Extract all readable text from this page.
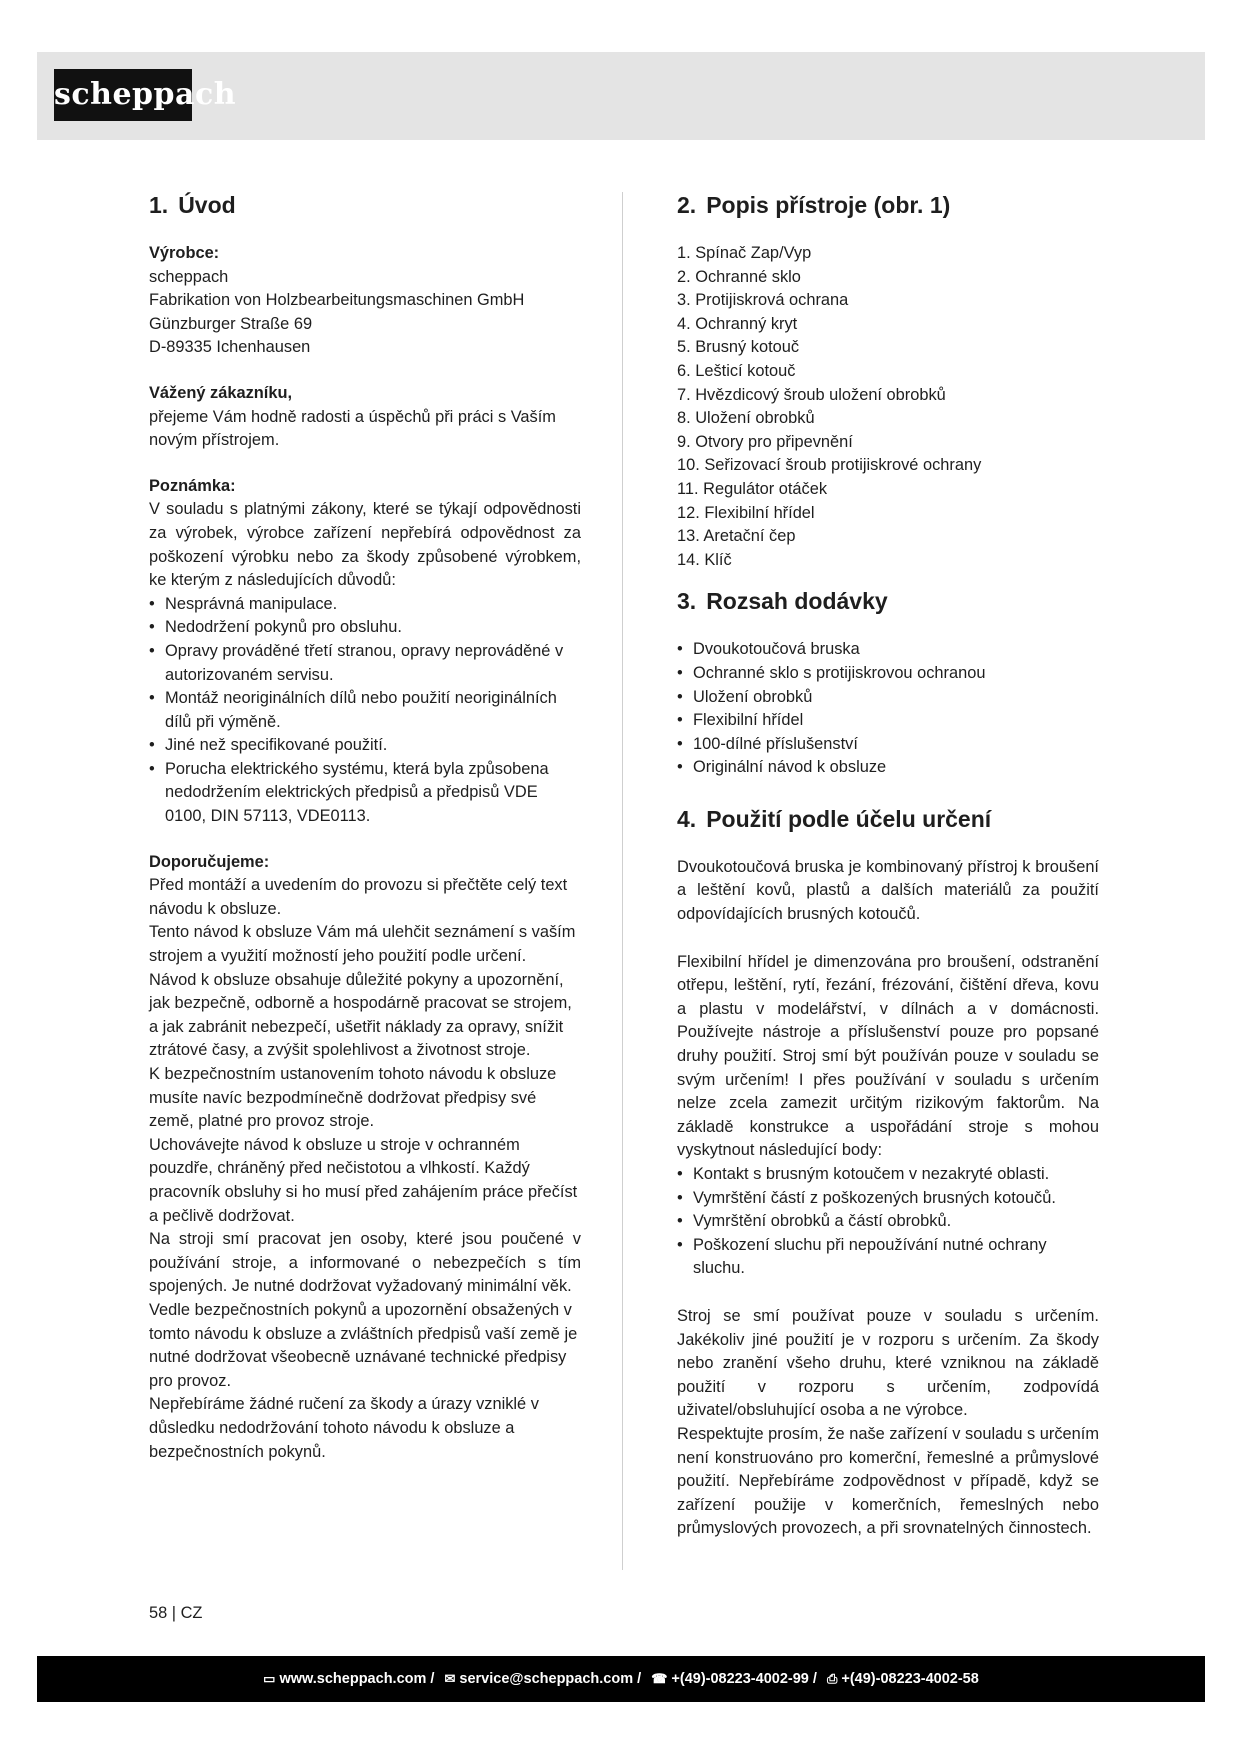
scheppach
1. Úvod
Výrobce:
scheppach
Fabrikation von Holzbearbeitungsmaschinen GmbH
Günzburger Straße 69
D-89335 Ichenhausen
Vážený zákazníku,

přejeme Vám hodně radosti a úspěchů při práci s Vaším novým přístrojem.

Poznámka:

V souladu s platnými zákony, které se týkají odpovědnosti za výrobek, výrobce zařízení nepřebírá odpovědnost za poškození výrobku nebo za škody způsobené výrobkem, ke kterým z následujících důvodů:

• Nesprávná manipulace.
• Nedodržení pokynů pro obsluhu.
• Opravy prováděné třetí stranou, opravy neprováděné v autorizovaném servisu.
• Montáž neoriginálních dílů nebo použití neoriginálních dílů při výměně.
• Jiné než specifikované použití.
• Porucha elektrického systému, která byla způsobena nedodržením elektrických předpisů a předpisů VDE 0100, DIN 57113, VDE0113.
Doporučujeme:

Před montáží a uvedením do provozu si přečtěte celý text návodu k obsluze.

Tento návod k obsluze Vám má ulehčit seznámení s vaším strojem a využití možností jeho použití podle určení.

Návod k obsluze obsahuje důležité pokyny a upozornění, jak bezpečně, odborně a hospodárně pracovat se strojem, a jak zabránit nebezpečí, ušetřit náklady za opravy, snížit ztrátové časy, a zvýšit spolehlivost a životnost stroje.

K bezpečnostním ustanovením tohoto návodu k obsluze musíte navíc bezpodmínečně dodržovat předpisy své země, platné pro provoz stroje.

Uchovávejte návod k obsluze u stroje v ochranném pouzdře, chráněný před nečistotou a vlhkostí. Každý pracovník obsluhy si ho musí před zahájením práce přečíst a pečlivě dodržovat.

Na stroji smí pracovat jen osoby, které jsou poučené v používání stroje, a informované o nebezpečích s tím spojených. Je nutné dodržovat vyžadovaný minimální věk.

Vedle bezpečnostních pokynů a upozornění obsažených v tomto návodu k obsluze a zvláštních předpisů vaší země je nutné dodržovat všeobecně uznávané technické předpisy pro provoz.

Nepřebíráme žádné ručení za škody a úrazy vzniklé v důsledku nedodržování tohoto návodu k obsluze a bezpečnostních pokynů.

2. Popis přístroje (obr. 1)
1. Spínač Zap/Vyp
2. Ochranné sklo
3. Protijiskrová ochrana
4. Ochranný kryt
5. Brusný kotouč
6. Lešticí kotouč
7. Hvězdicový šroub uložení obrobků
8. Uložení obrobků
9. Otvory pro připevnění
10. Seřizovací šroub protijiskrové ochrany
11. Regulátor otáček
12. Flexibilní hřídel
13. Aretační čep
14. Klíč
3. Rozsah dodávky
• Dvoukotoučová bruska
• Ochranné sklo s protijiskrovou ochranou
• Uložení obrobků
• Flexibilní hřídel
• 100-dílné příslušenství
• Originální návod k obsluze
4. Použití podle účelu určení

Dvoukotoučová bruska je kombinovaný přístroj k broušení a leštění kovů, plastů a dalších materiálů za použití odpovídajících brusných kotoučů.

Flexibilní hřídel je dimenzována pro broušení, odstranění otřepu, leštění, rytí, řezání, frézování, čištění dřeva, kovu a plastu v modelářství, v dílnách a v domácnosti. Používejte nástroje a příslušenství pouze pro popsané druhy použití. Stroj smí být používán pouze v souladu se svým určením! I přes používání v souladu s určením nelze zcela zamezit určitým rizikovým faktorům. Na základě konstrukce a uspořádání stroje s mohou vyskytnout následující body:

• Kontakt s brusným kotoučem v nezakryté oblasti.
• Vymrštění částí z poškozených brusných kotoučů.
• Vymrštění obrobků a částí obrobků.
• Poškození sluchu při nepoužívání nutné ochrany sluchu.

Stroj se smí používat pouze v souladu s určením. Jakékoliv jiné použití je v rozporu s určením. Za škody nebo zranění všeho druhu, které vzniknou na základě použití v rozporu s určením, zodpovídá uživatel/obsluhující osoba a ne výrobce.

Respektujte prosím, že naše zařízení v souladu s určením není konstruováno pro komerční, řemeslné a průmyslové použití. Nepřebíráme zodpovědnost v případě, když se zařízení použije v komerčních, řemeslných nebo průmyslových provozech, a při srovnatelných činnostech.

58 | CZ
▭ www.scheppach.com / ✉ service@scheppach.com / ☎ +(49)-08223-4002-99 / ⎙ +(49)-08223-4002-58
